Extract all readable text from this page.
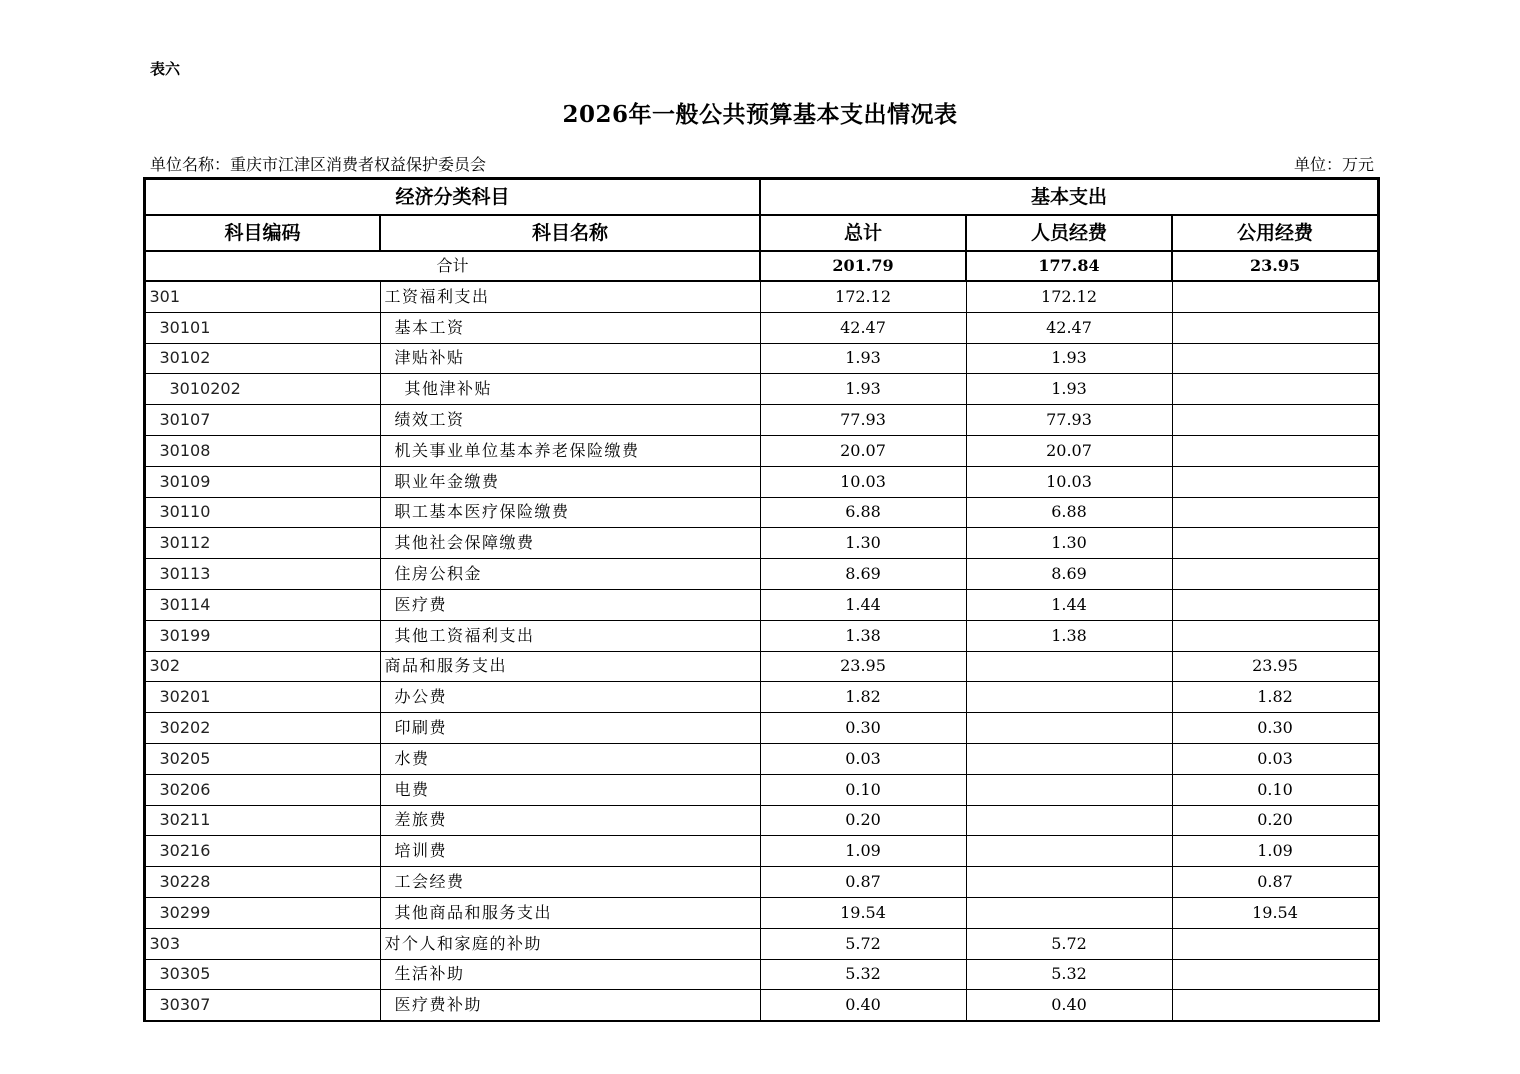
表六
2026年一般公共预算基本支出情况表
单位名称：重庆市江津区消费者权益保护委员会	单位：万元
经济分类科目		基本支出		
科目编码	科目名称	总计	人员经费	公用经费
合计		201.79	177.84	23.95
301	工资福利支出	172.12	172.12	
30101	基本工资	42.47	42.47	
30102	津贴补贴	1.93	1.93	
3010202	其他津补贴	1.93	1.93	
30107	绩效工资	77.93	77.93	
30108	机关事业单位基本养老保险缴费	20.07	20.07	
30109	职业年金缴费	10.03	10.03	
30110	职工基本医疗保险缴费	6.88	6.88	
30112	其他社会保障缴费	1.30	1.30	
30113	住房公积金	8.69	8.69	
30114	医疗费	1.44	1.44	
30199	其他工资福利支出	1.38	1.38	
302	商品和服务支出	23.95		23.95
30201	办公费	1.82		1.82
30202	印刷费	0.30		0.30
30205	水费	0.03		0.03
30206	电费	0.10		0.10
30211	差旅费	0.20		0.20
30216	培训费	1.09		1.09
30228	工会经费	0.87		0.87
30299	其他商品和服务支出	19.54		19.54
303	对个人和家庭的补助	5.72	5.72	
30305	生活补助	5.32	5.32	
30307	医疗费补助	0.40	0.40	
